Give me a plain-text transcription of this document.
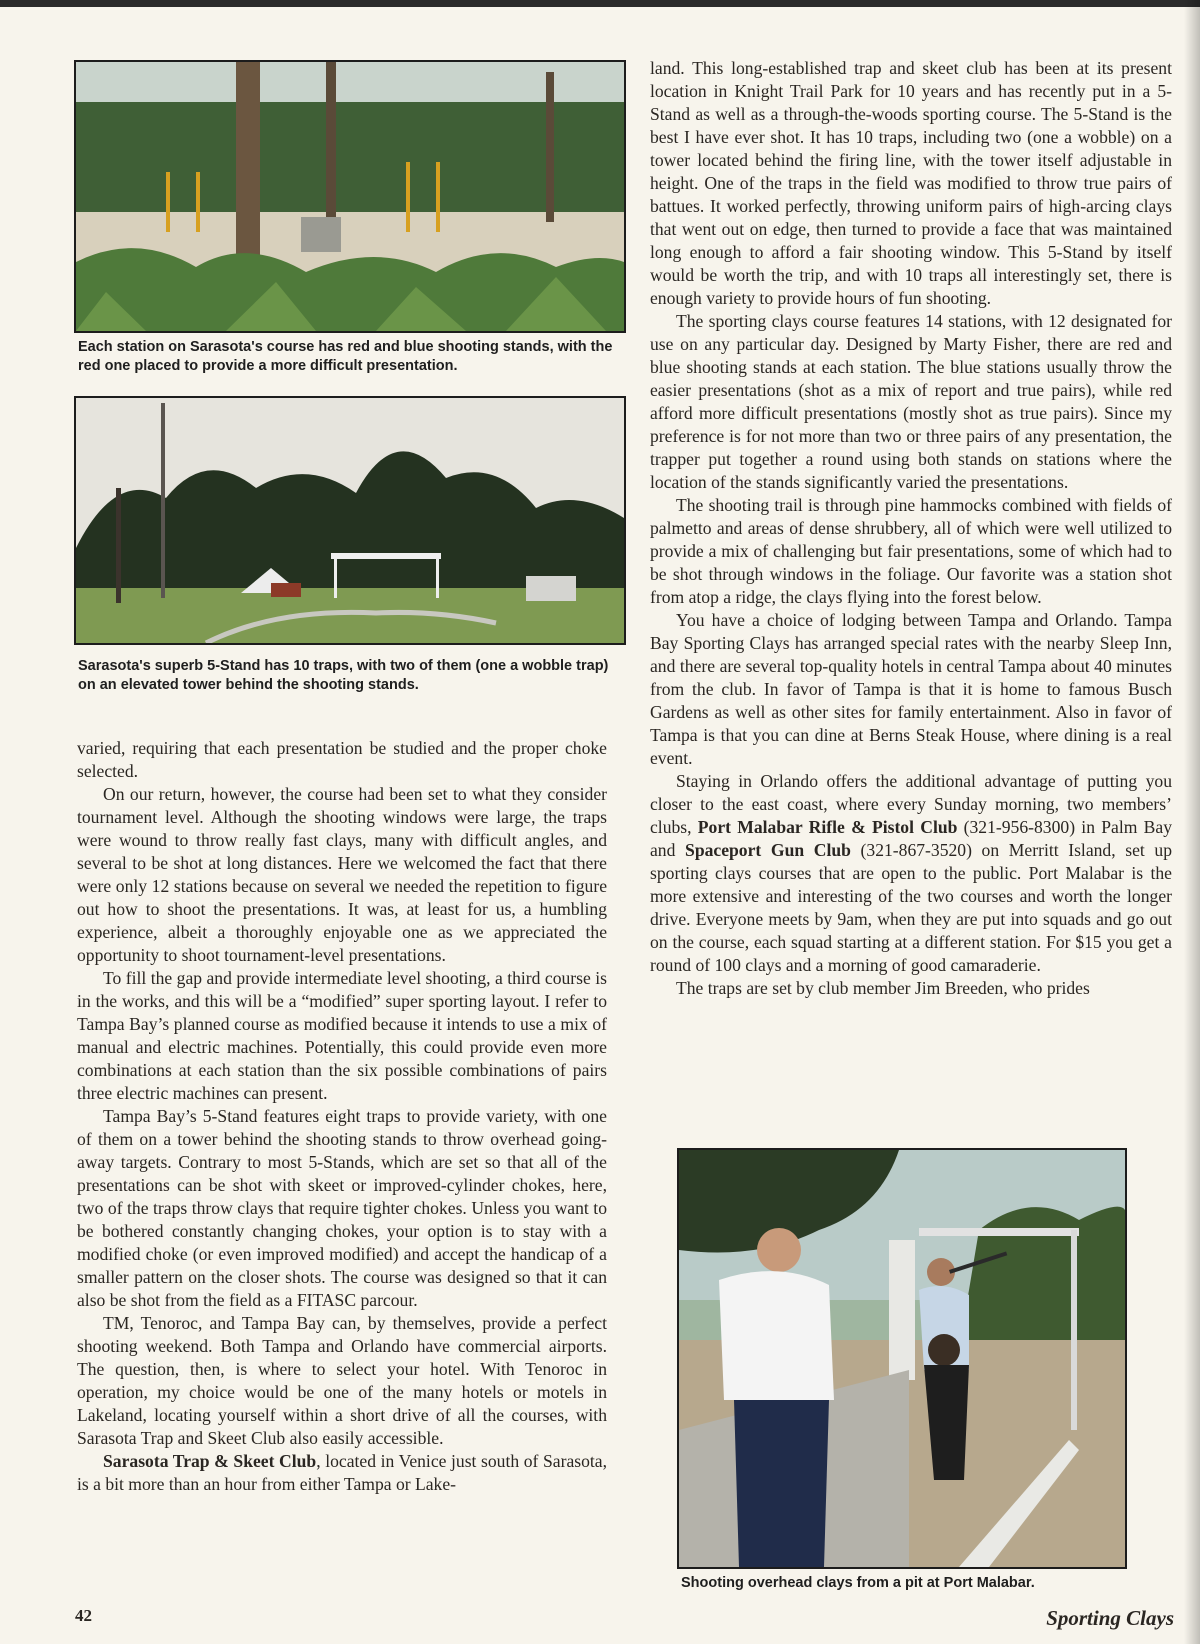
Each station on Sarasota's course has red and blue shooting stands, with the red one placed to provide a more difficult presentation.
Sarasota's superb 5-Stand has 10 traps, with two of them (one a wobble trap) on an elevated tower behind the shooting stands.
Shooting overhead clays from a pit at Port Malabar.

varied, requiring that each presentation be studied and the proper choke selected.

On our return, however, the course had been set to what they consider tournament level. Although the shooting windows were large, the traps were wound to throw really fast clays, many with difficult angles, and several to be shot at long distances. Here we welcomed the fact that there were only 12 stations because on several we needed the repetition to figure out how to shoot the presentations. It was, at least for us, a humbling experience, albeit a thoroughly enjoyable one as we appreciated the opportunity to shoot tournament-level presentations.

To fill the gap and provide intermediate level shooting, a third course is in the works, and this will be a “modified” super sporting layout. I refer to Tampa Bay’s planned course as modified because it intends to use a mix of manual and electric machines. Potentially, this could provide even more combinations at each station than the six possible combinations of pairs three electric machines can present.

Tampa Bay’s 5-Stand features eight traps to provide variety, with one of them on a tower behind the shooting stands to throw overhead going-away targets. Contrary to most 5-Stands, which are set so that all of the presentations can be shot with skeet or improved-cylinder chokes, here, two of the traps throw clays that require tighter chokes. Unless you want to be bothered constantly changing chokes, your option is to stay with a modified choke (or even improved modified) and accept the handicap of a smaller pattern on the closer shots. The course was designed so that it can also be shot from the field as a FITASC parcour.

TM, Tenoroc, and Tampa Bay can, by themselves, provide a perfect shooting weekend. Both Tampa and Orlando have commercial airports. The question, then, is where to select your hotel. With Tenoroc in operation, my choice would be one of the many hotels or motels in Lakeland, locating yourself within a short drive of all the courses, with Sarasota Trap and Skeet Club also easily accessible.

Sarasota Trap & Skeet Club, located in Venice just south of Sarasota, is a bit more than an hour from either Tampa or Lake-

land. This long-established trap and skeet club has been at its present location in Knight Trail Park for 10 years and has recently put in a 5-Stand as well as a through-the-woods sporting course. The 5-Stand is the best I have ever shot. It has 10 traps, including two (one a wobble) on a tower located behind the firing line, with the tower itself adjustable in height. One of the traps in the field was modified to throw true pairs of battues. It worked perfectly, throwing uniform pairs of high-arcing clays that went out on edge, then turned to provide a face that was maintained long enough to afford a fair shooting window. This 5-Stand by itself would be worth the trip, and with 10 traps all interestingly set, there is enough variety to provide hours of fun shooting.

The sporting clays course features 14 stations, with 12 designated for use on any particular day. Designed by Marty Fisher, there are red and blue shooting stands at each station. The blue stations usually throw the easier presentations (shot as a mix of report and true pairs), while red afford more difficult presentations (mostly shot as true pairs). Since my preference is for not more than two or three pairs of any presentation, the trapper put together a round using both stands on stations where the location of the stands significantly varied the presentations.

The shooting trail is through pine hammocks combined with fields of palmetto and areas of dense shrubbery, all of which were well utilized to provide a mix of challenging but fair presentations, some of which had to be shot through windows in the foliage. Our favorite was a station shot from atop a ridge, the clays flying into the forest below.

You have a choice of lodging between Tampa and Orlando. Tampa Bay Sporting Clays has arranged special rates with the nearby Sleep Inn, and there are several top-quality hotels in central Tampa about 40 minutes from the club. In favor of Tampa is that it is home to famous Busch Gardens as well as other sites for family entertainment. Also in favor of Tampa is that you can dine at Berns Steak House, where dining is a real event.

Staying in Orlando offers the additional advantage of putting you closer to the east coast, where every Sunday morning, two members’ clubs, Port Malabar Rifle & Pistol Club (321-956-8300) in Palm Bay and Spaceport Gun Club (321-867-3520) on Merritt Island, set up sporting clays courses that are open to the public. Port Malabar is the more extensive and interesting of the two courses and worth the longer drive. Everyone meets by 9am, when they are put into squads and go out on the course, each squad starting at a different station. For $15 you get a round of 100 clays and a morning of good camaraderie.

The traps are set by club member Jim Breeden, who prides

42	Sporting Clays
